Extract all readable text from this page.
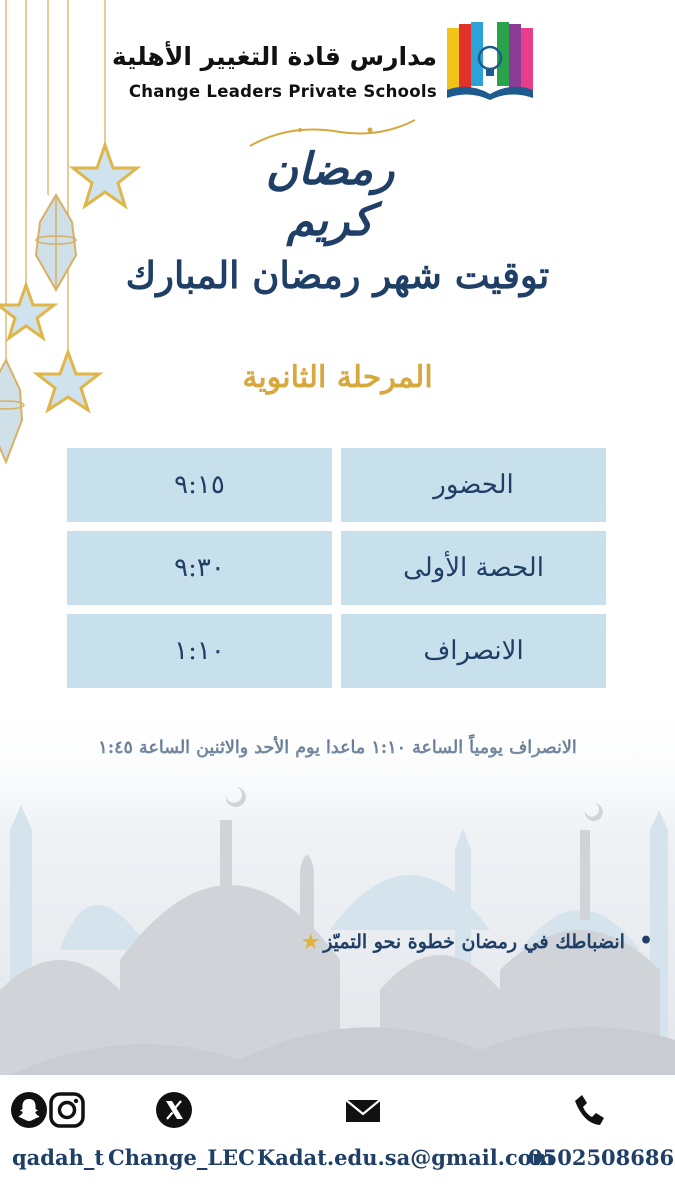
مدارس قادة التغيير الأهلية
Change Leaders Private Schools
رمضان كريم
توقيت شهر رمضان المبارك
المرحلة الثانوية
الحضور
٩:١٥
الحصة الأولى
٩:٣٠
الانصراف
١:١٠
•انضباطك في رمضان خطوة نحو التميّز★
qadah_t Change_LEC Kadat.edu.sa@gmail.com
0502508686
